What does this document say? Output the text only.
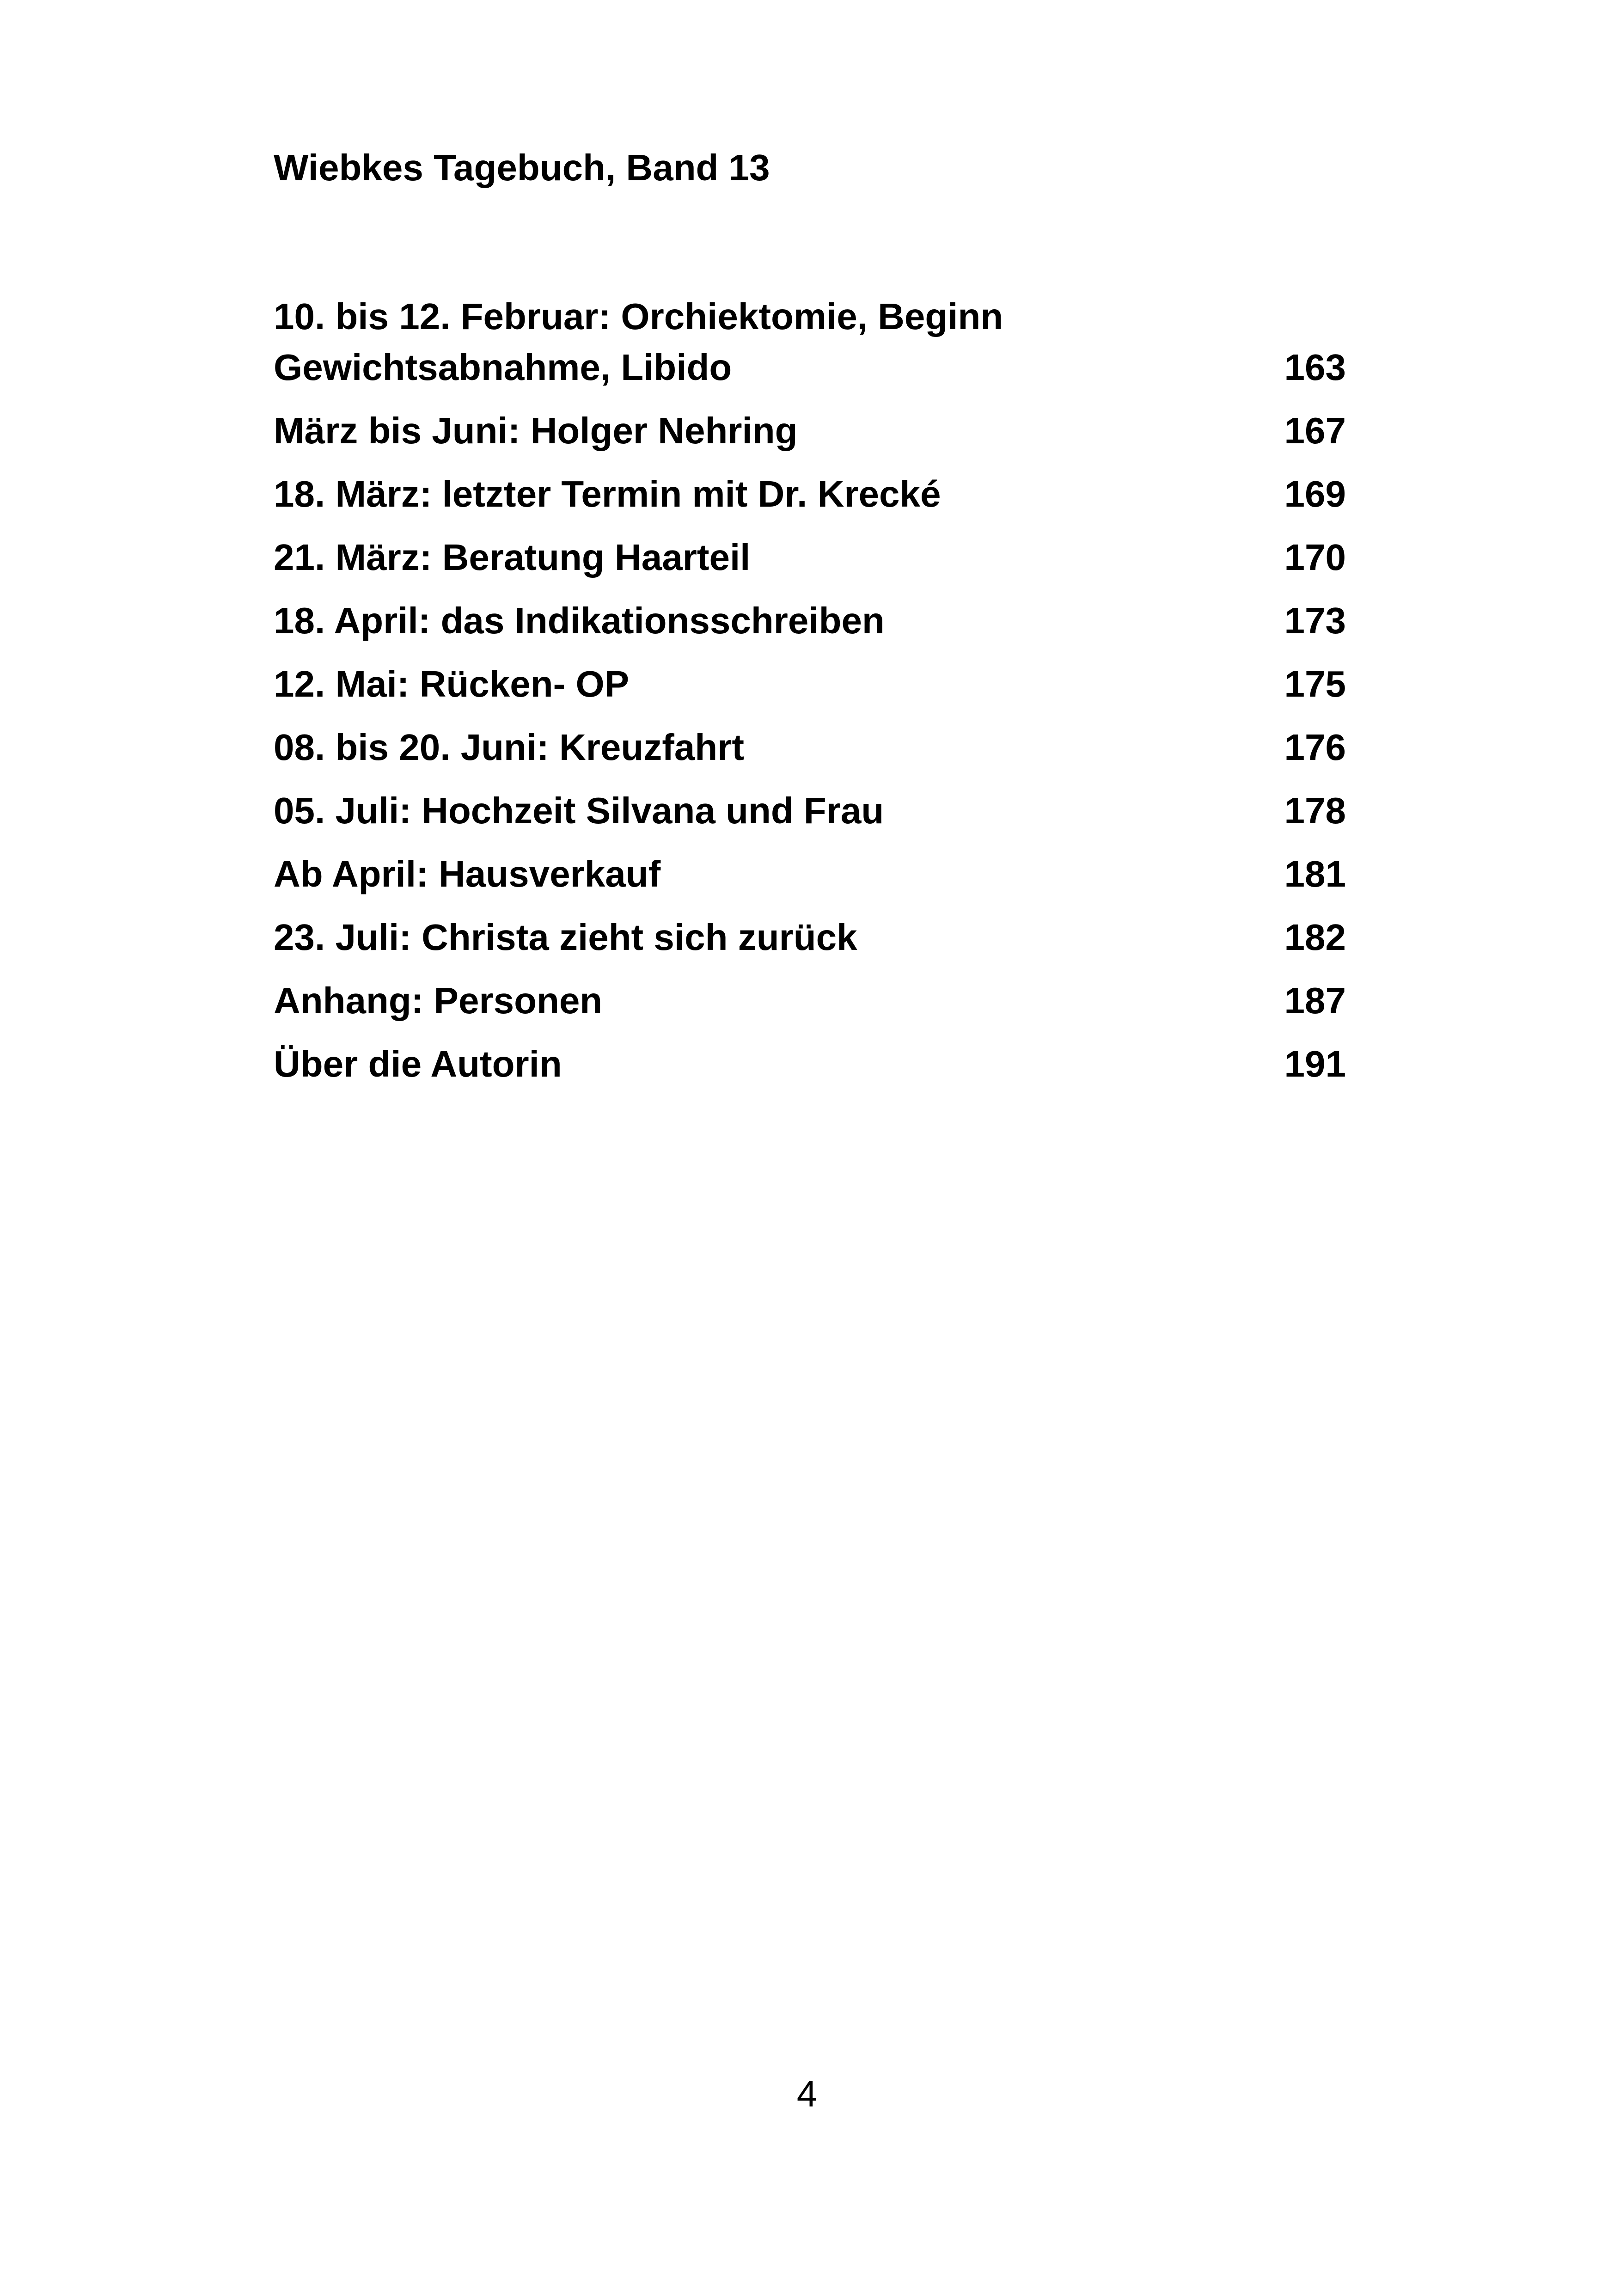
Wiebkes Tagebuch, Band 13
10. bis 12. Februar: Orchiektomie, Beginn
Gewichtsabnahme, Libido	163
März bis Juni: Holger Nehring	167
18. März: letzter Termin mit Dr. Krecké	169
21. März: Beratung Haarteil	170
18. April: das Indikationsschreiben	173
12. Mai: Rücken- OP	175
08. bis 20. Juni: Kreuzfahrt	176
05. Juli: Hochzeit Silvana und Frau	178
Ab April: Hausverkauf	181
23. Juli: Christa zieht sich zurück	182
Anhang: Personen	187
Über die Autorin	191
4
